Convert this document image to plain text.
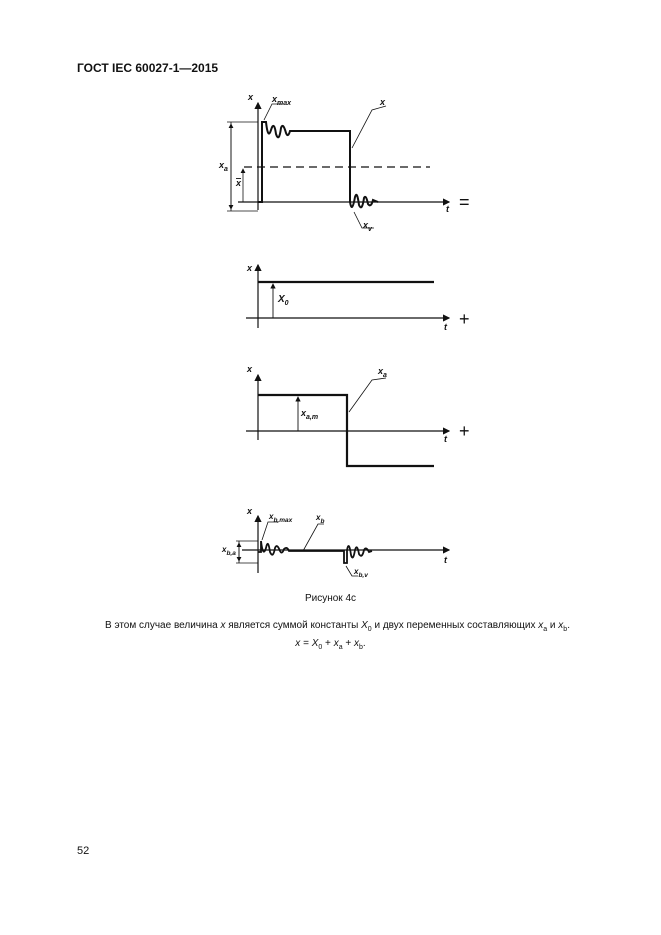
ГОСТ IEC 60027-1—2015
x
t
$x_{max}$	x
$x_a$
x
$x_v$
=
x
t
$X_0$
+
x
t
$x_a$
$x_{a,m}$
+
x
t
$x_{b,max}$	$x_b$
$x_{b,a}$
$x_{b,v}$
Рисунок 4c
В этом случае величина x является суммой константы $X_0$ и двух переменных составляющих $x_a$ и $x_b$.
$x = X_0 + x_a + x_b$.
52
